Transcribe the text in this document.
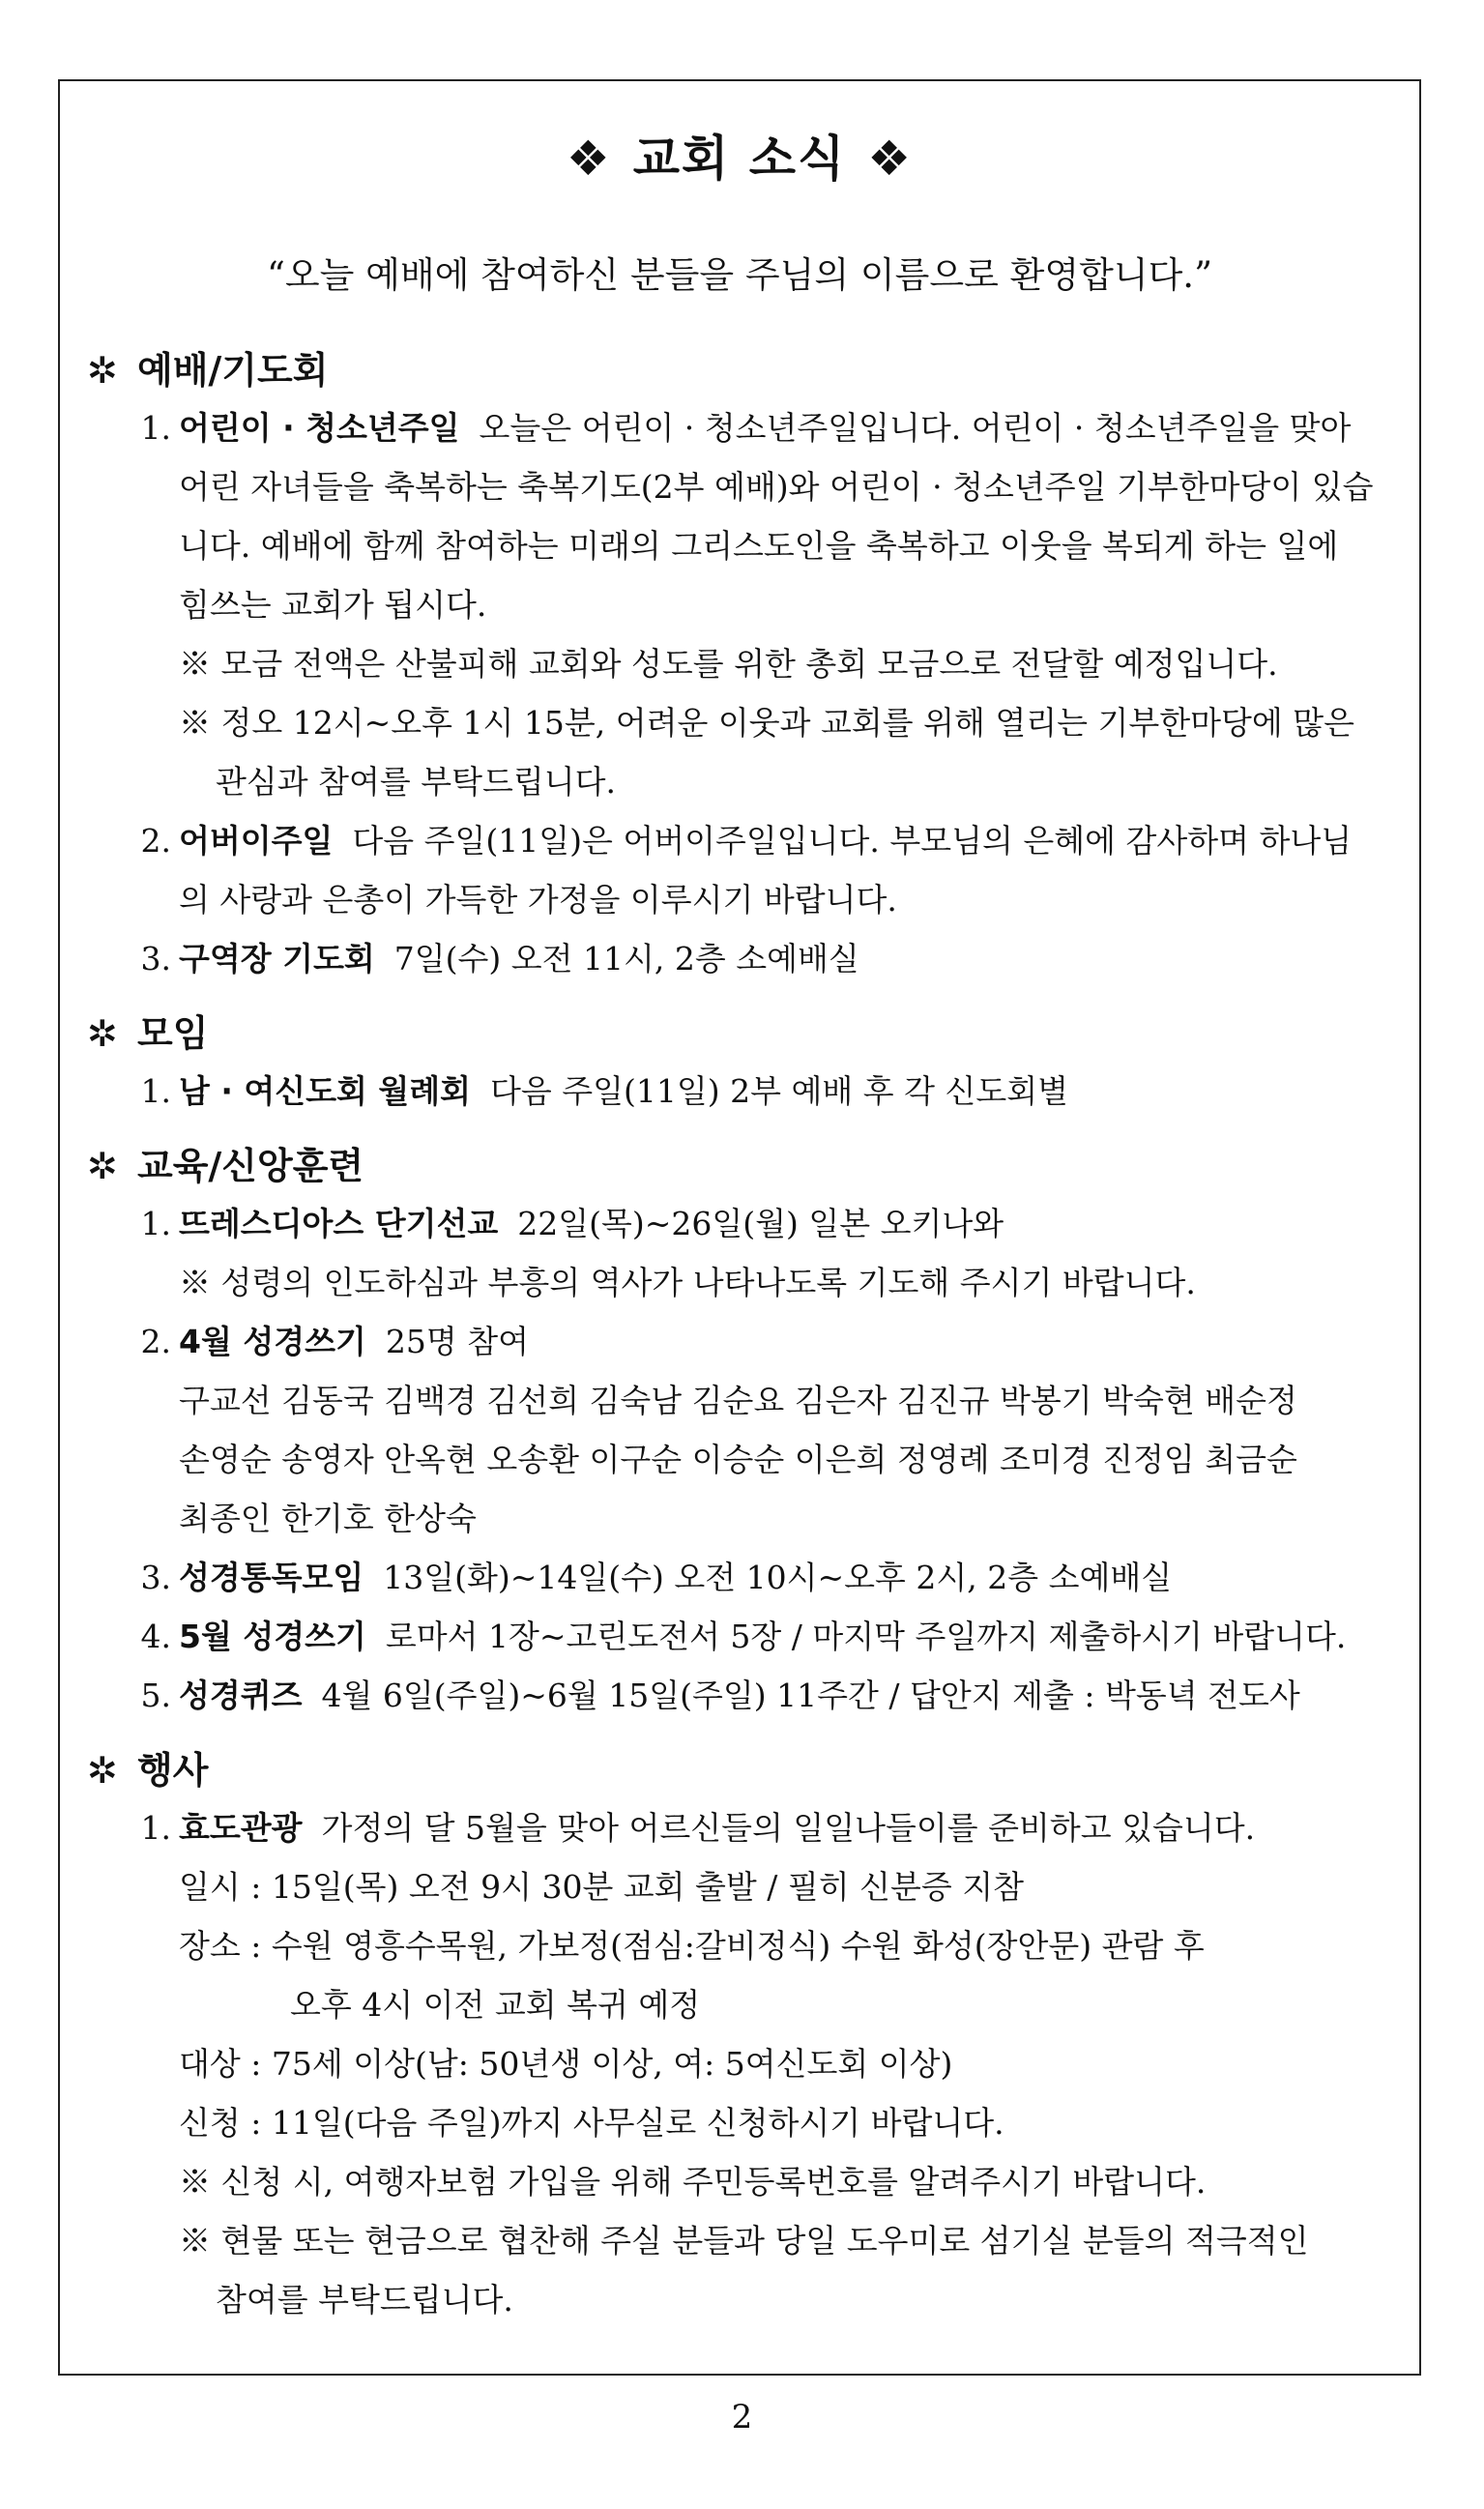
❖ 교회 소식 ❖
“오늘 예배에 참여하신 분들을 주님의 이름으로 환영합니다.”
✲ 예배/기도회
1. 어린이 · 청소년주일 오늘은 어린이 · 청소년주일입니다. 어린이 · 청소년주일을 맞아
어린 자녀들을 축복하는 축복기도(2부 예배)와 어린이 · 청소년주일 기부한마당이 있습
니다. 예배에 함께 참여하는 미래의 그리스도인을 축복하고 이웃을 복되게 하는 일에
힘쓰는 교회가 됩시다.
※ 모금 전액은 산불피해 교회와 성도를 위한 총회 모금으로 전달할 예정입니다.
※ 정오 12시~오후 1시 15분, 어려운 이웃과 교회를 위해 열리는 기부한마당에 많은
관심과 참여를 부탁드립니다.
2. 어버이주일 다음 주일(11일)은 어버이주일입니다. 부모님의 은혜에 감사하며 하나님
의 사랑과 은총이 가득한 가정을 이루시기 바랍니다.
3. 구역장 기도회 7일(수) 오전 11시, 2층 소예배실
✲ 모임
1. 남 · 여신도회 월례회 다음 주일(11일) 2부 예배 후 각 신도회별
✲ 교육/신앙훈련
1. 뜨레스디아스 단기선교 22일(목)~26일(월) 일본 오키나와
※ 성령의 인도하심과 부흥의 역사가 나타나도록 기도해 주시기 바랍니다.
2. 4월 성경쓰기 25명 참여
구교선 김동국 김백경 김선희 김숙남 김순요 김은자 김진규 박봉기 박숙현 배순정
손영순 송영자 안옥현 오송환 이구순 이승순 이은희 정영례 조미경 진정임 최금순
최종인 한기호 한상숙
3. 성경통독모임 13일(화)~14일(수) 오전 10시~오후 2시, 2층 소예배실
4. 5월 성경쓰기 로마서 1장~고린도전서 5장 / 마지막 주일까지 제출하시기 바랍니다.
5. 성경퀴즈 4월 6일(주일)~6월 15일(주일) 11주간 / 답안지 제출 : 박동녁 전도사
✲ 행사
1. 효도관광 가정의 달 5월을 맞아 어르신들의 일일나들이를 준비하고 있습니다.
일시 : 15일(목) 오전 9시 30분 교회 출발 / 필히 신분증 지참
장소 : 수원 영흥수목원, 가보정(점심:갈비정식) 수원 화성(장안문) 관람 후
오후 4시 이전 교회 복귀 예정
대상 : 75세 이상(남: 50년생 이상, 여: 5여신도회 이상)
신청 : 11일(다음 주일)까지 사무실로 신청하시기 바랍니다.
※ 신청 시, 여행자보험 가입을 위해 주민등록번호를 알려주시기 바랍니다.
※ 현물 또는 현금으로 협찬해 주실 분들과 당일 도우미로 섬기실 분들의 적극적인
참여를 부탁드립니다.
2
